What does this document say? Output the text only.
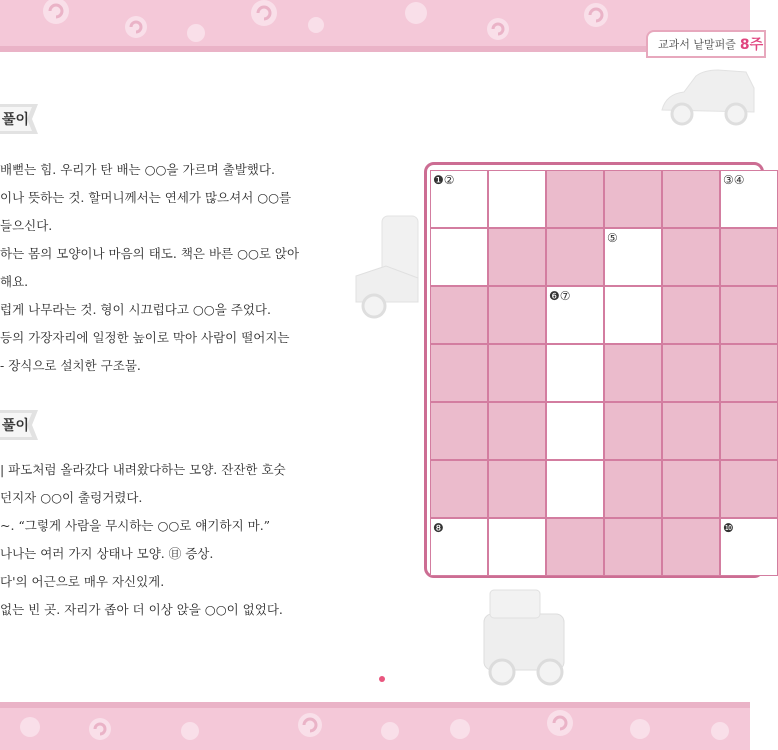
교과서 낱말퍼즐 8주
풀이
배뻗는 힘. 우리가 탄 배는 ○○을 가르며 출발했다.
이나 뜻하는 것. 할머니께서는 연세가 많으셔서 ○○를
들으신다.
하는 몸의 모양이나 마음의 태도. 책은 바른 ○○로 앉아
해요.
럽게 나무라는 것. 형이 시끄럽다고 ○○을 주었다.
등의 가장자리에 일정한 높이로 막아 사람이 떨어지는
- 장식으로 설치한 구조물.
풀이
| 파도처럼 올라갔다 내려왔다하는 모양. 잔잔한 호숫
던지자 ○○이 출렁거렸다.
~. “그렇게 사람을 무시하는 ○○로 얘기하지 마.”
나나는 여러 가지 상태나 모양. ㊐ 증상.
다'의 어근으로 매우 자신있게.
없는 빈 곳. 자리가 좁아 더 이상 앉을 ○○이 없었다.
❶②	③④
⑤
❻⑦
❽	❿
